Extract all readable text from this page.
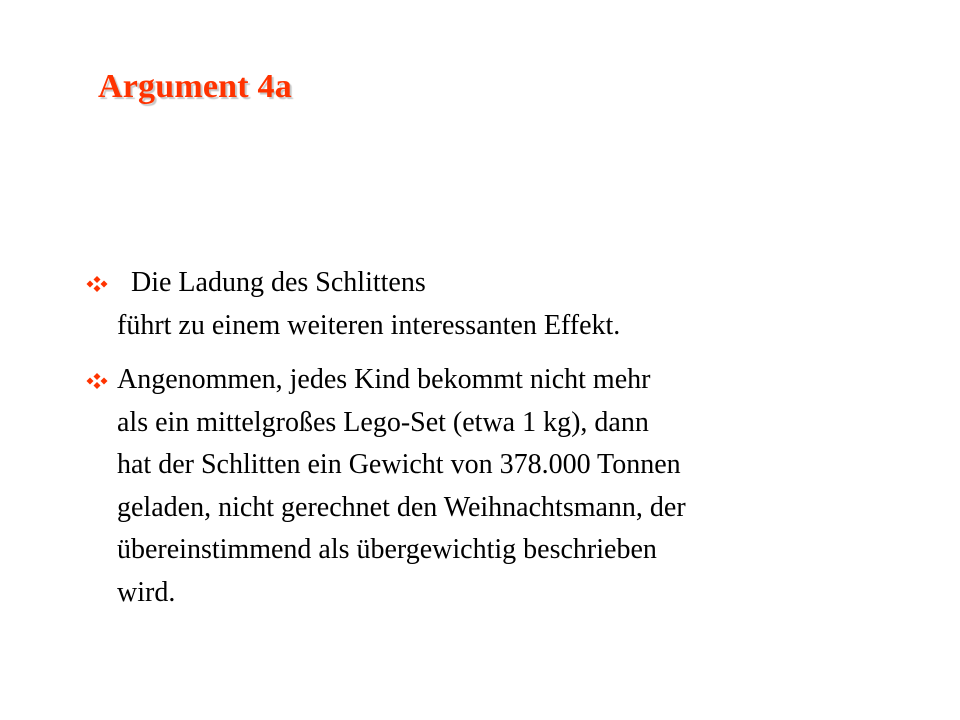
Argument 4a
Die Ladung des Schlittens
führt zu einem weiteren interessanten Effekt.
Angenommen, jedes Kind bekommt nicht mehr
als ein mittelgroßes Lego-Set (etwa 1 kg), dann
hat der Schlitten ein Gewicht von 378.000 Tonnen
geladen, nicht gerechnet den Weihnachtsmann, der
übereinstimmend als übergewichtig beschrieben
wird.
